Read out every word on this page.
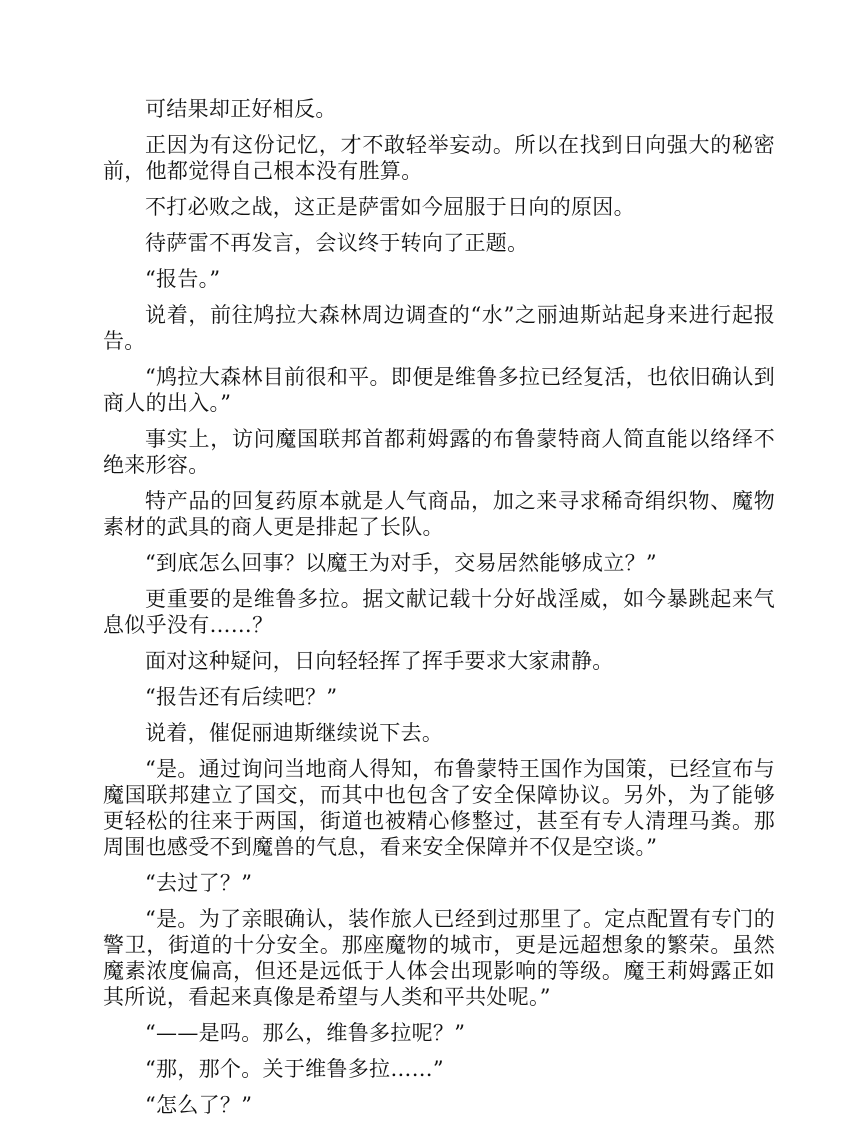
可结果却正好相反。

正因为有这份记忆，才不敢轻举妄动。所以在找到日向强大的秘密前，他都觉得自己根本没有胜算。

不打必败之战，这正是萨雷如今屈服于日向的原因。

待萨雷不再发言，会议终于转向了正题。

“报告。”

说着，前往鸠拉大森林周边调查的“水”之丽迪斯站起身来进行起报告。

“鸠拉大森林目前很和平。即便是维鲁多拉已经复活，也依旧确认到商人的出入。”

事实上，访问魔国联邦首都莉姆露的布鲁蒙特商人简直能以络绎不绝来形容。

特产品的回复药原本就是人气商品，加之来寻求稀奇绢织物、魔物素材的武具的商人更是排起了长队。

“到底怎么回事？以魔王为对手，交易居然能够成立？”

更重要的是维鲁多拉。据文献记载十分好战淫威，如今暴跳起来气息似乎没有……？

面对这种疑问，日向轻轻挥了挥手要求大家肃静。

“报告还有后续吧？”

说着，催促丽迪斯继续说下去。

“是。通过询问当地商人得知，布鲁蒙特王国作为国策，已经宣布与魔国联邦建立了国交，而其中也包含了安全保障协议。另外，为了能够更轻松的往来于两国，街道也被精心修整过，甚至有专人清理马粪。那周围也感受不到魔兽的气息，看来安全保障并不仅是空谈。”

“去过了？”

“是。为了亲眼确认，装作旅人已经到过那里了。定点配置有专门的警卫，街道的十分安全。那座魔物的城市，更是远超想象的繁荣。虽然魔素浓度偏高，但还是远低于人体会出现影响的等级。魔王莉姆露正如其所说，看起来真像是希望与人类和平共处呢。”

“——是吗。那么，维鲁多拉呢？”

“那，那个。关于维鲁多拉……”

“怎么了？”
